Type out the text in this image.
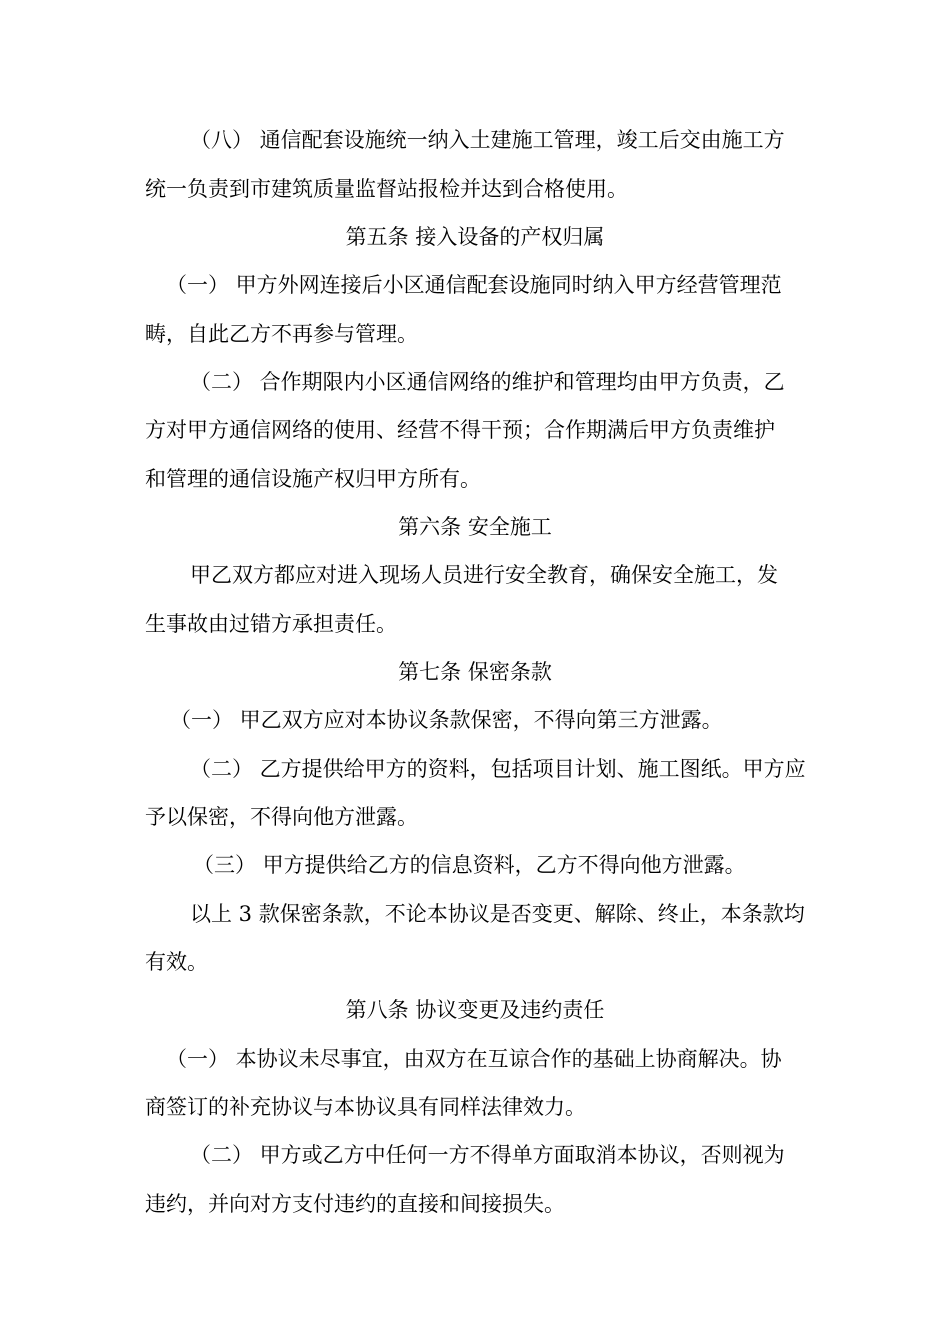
（八） 通信配套设施统一纳入土建施工管理，竣工后交由施工方
统一负责到市建筑质量监督站报检并达到合格使用。
第五条 接入设备的产权归属
（一） 甲方外网连接后小区通信配套设施同时纳入甲方经营管理范
畴，自此乙方不再参与管理。
（二） 合作期限内小区通信网络的维护和管理均由甲方负责，乙
方对甲方通信网络的使用、经营不得干预；合作期满后甲方负责维护
和管理的通信设施产权归甲方所有。
第六条 安全施工
甲乙双方都应对进入现场人员进行安全教育，确保安全施工，发
生事故由过错方承担责任。
第七条 保密条款
（一） 甲乙双方应对本协议条款保密，不得向第三方泄露。
（二） 乙方提供给甲方的资料，包括项目计划、施工图纸。甲方应
予以保密，不得向他方泄露。
（三） 甲方提供给乙方的信息资料，乙方不得向他方泄露。
以上 3 款保密条款，不论本协议是否变更、解除、终止，本条款均
有效。
第八条 协议变更及违约责任
（一） 本协议未尽事宜，由双方在互谅合作的基础上协商解决。协
商签订的补充协议与本协议具有同样法律效力。
（二） 甲方或乙方中任何一方不得单方面取消本协议，否则视为
违约，并向对方支付违约的直接和间接损失。
